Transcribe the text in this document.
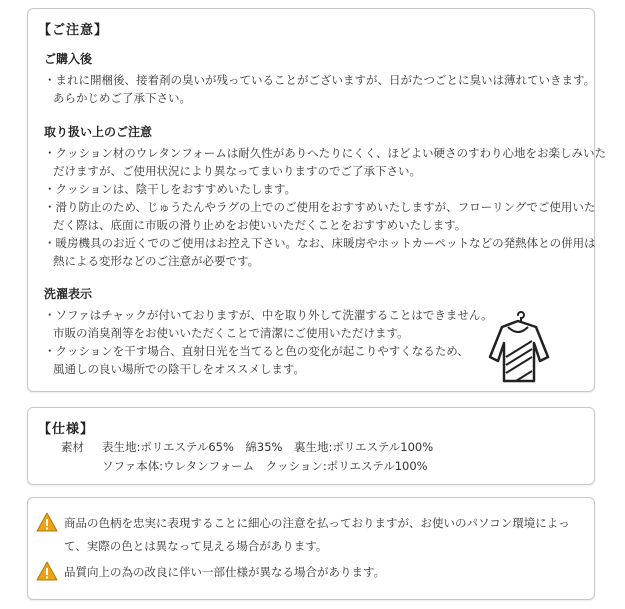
【ご注意】
ご購入後
・まれに開梱後、接着剤の臭いが残っていることがございますが、日がたつごとに臭いは薄れていきます。
あらかじめご了承下さい。
取り扱い上のご注意
・クッション材のウレタンフォームは耐久性がありへたりにくく、ほどよい硬さのすわり心地をお楽しみいた
だけますが、ご使用状況により異なってまいりますのでご了承下さい。
・クッションは、陰干しをおすすめいたします。
・滑り防止のため、じゅうたんやラグの上でのご使用をおすすめいたしますが、フローリングでご使用いた
だく際は、底面に市販の滑り止めをお使いいただくことをおすすめいたします。
・暖房機具のお近くでのご使用はお控え下さい。なお、床暖房やホットカーペットなどの発熱体との併用は
熱による変形などのご注意が必要です。
洗濯表示
・ソファはチャックが付いておりますが、中を取り外して洗濯することはできません。
市販の消臭剤等をお使いいただくことで清潔にご使用いただけます。
・クッションを干す場合、直射日光を当てると色の変化が起こりやすくなるため、
風通しの良い場所での陰干しをオススメします。
【仕様】
素材 表生地:ポリエステル65%　綿35%　裏生地:ポリエステル100%
ソファ本体:ウレタンフォーム　クッション:ポリエステル100%
商品の色柄を忠実に表現することに細心の注意を払っておりますが、お使いのパソコン環境によっ
て、実際の色とは異なって見える場合があります。
品質向上の為の改良に伴い一部仕様が異なる場合があります。
